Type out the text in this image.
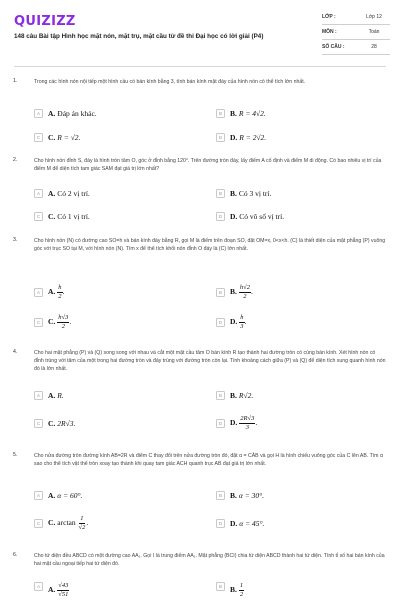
QUIZIZZ
148 câu Bài tập Hình học mặt nón, mặt trụ, mặt cầu từ đề thi Đại học có lời giải (P4)
LỚP :	Lớp 12
MÔN :	Toán
SỐ CÂU :	28
1.	Trong các hình nón nội tiếp một hình cầu có bán kính bằng 3, tính bán kính mặt đáy của hình nón có thể tích lớn nhất.
A	A. Đáp án khác.	B	B. R = 4√2.
C	C. R = √2.	D	D. R = 2√2.
2.	Cho hình nón đỉnh S, đáy là hình tròn tâm O, góc ở đỉnh bằng 120°. Trên đường tròn đáy, lấy điểm A cố định và điểm M di động. Có bao nhiêu vị trí của điểm M để diện tích tam giác SAM đạt giá trị lớn nhất?
A	A. Có 2 vị trí.	B	B. Có 3 vị trí.
C	C. Có 1 vị trí.	D	D. Có vô số vị trí.
3.	Cho hình nón (N) có đường cao SO=h và bán kính đáy bằng R, gọi M là điểm trên đoạn SO, đặt OM=x, 0<x<h. (C) là thiết diện của mặt phẳng (P) vuông góc với trục SO tại M, với hình nón (N). Tìm x để thể tích khối nón đỉnh O đáy là (C) lớn nhất.
A	A. $\frac{h}{2}$ .	B	B. $\frac{h√2}{2}$ .
C	C. $\frac{h√3}{2}$ .	D	D. $\frac{h}{3}$ .
4.	Cho hai mặt phẳng (P) và (Q) song song với nhau và cắt một mặt cầu tâm O bán kính R tạo thành hai đường tròn có cùng bán kính. Xét hình nón có đỉnh trùng với tâm của một trong hai đường tròn và đáy trùng với đường tròn còn lại. Tính khoảng cách giữa (P) và (Q) để diện tích xung quanh hình nón đó là lớn nhất.
A	A. R.	B	B. R√2.
C	C. 2R√3.	D	D. $\frac{2R√3}{3}$ .
5.	Cho nửa đường tròn đường kính AB=2R và điểm C thay đổi trên nửa đường tròn đó, đặt α = CÂB và gọi H là hình chiếu vuông góc của C lên AB. Tìm α sao cho thể tích vật thể tròn xoay tạo thành khi quay tam giác ACH quanh trục AB đạt giá trị lớn nhất.
A	A. α = 60°.	B	B. α = 30°.
C	C. $\arctan \frac{1}{√2}$ .	D	D. α = 45°.
6.	Cho tứ diện đều ABCD có một đường cao AA₁. Gọi I là trung điểm AA₁. Mặt phẳng (BCI) chia tứ diện ABCD thành hai tứ diện. Tính tỉ số hai bán kính của hai mặt cầu ngoại tiếp hai tứ diện đó.
A	A. $\frac{√43}{√51}$	B	B. $\frac{1}{2}$
